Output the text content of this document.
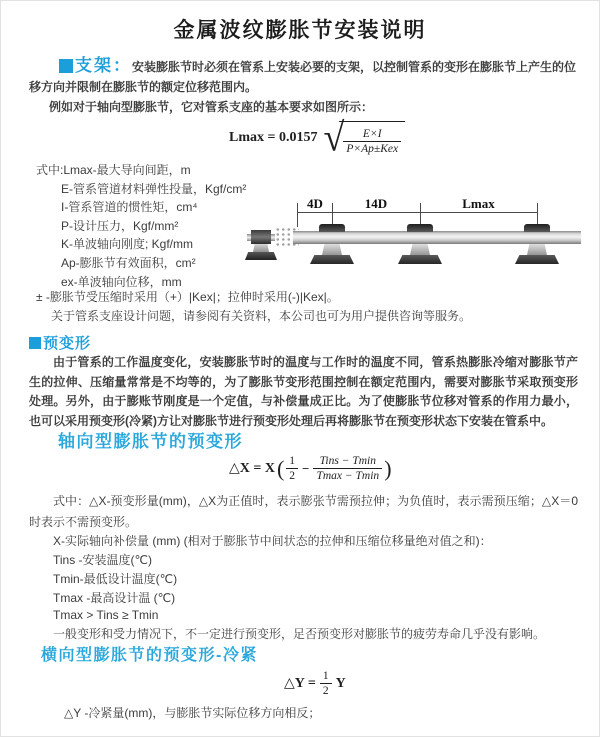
金属波纹膨胀节安装说明
支架：安装膨胀节时必须在管系上安装必要的支架，以控制管系的变形在膨胀节上产生的位移方向并限制在膨胀节的额定位移范围内。
例如对于轴向型膨胀节，它对管系支座的基本要求如图所示：
Lmax = 0.0157 √	E×I
P×Ap±Kex
式中:Lmax-最大导向间距，m
E-管系管道材料弹性投量，Kgf/cm²
I-管系管道的惯性矩，cm⁴
P-设计压力，Kgf/mm²
K-单波轴向刚度; Kgf/mm
Ap-膨胀节有效面积，cm²
ex-单波轴向位移，mm
± -膨胀节受压缩时采用（+）|Kex|；拉伸时采用(-)|Kex|。
关于管系支座设计问题，请参阅有关资料，本公司也可为用户提供咨询等服务。
4D	14D	Lmax
预变形
由于管系的工作温度变化，安装膨胀节时的温度与工作时的温度不同，管系热膨胀冷缩对膨胀节产生的拉伸、压缩量常常是不均等的，为了膨胀节变形范围控制在额定范围内，需要对膨胀节采取预变形处理。另外，由于膨账节刚度是一个定值，与补偿量成正比。为了使膨胀节位移对管系的作用力最小，也可以采用预变形(冷紧)方让对膨胀节进行预变形处理后再将膨胀节在预变形状态下安装在管系中。
轴向型膨胀节的预变形
△X = X ( $\frac{1}{2}$ − Tins − Tmin
Tmax − Tmin )
式中：△X-预变形量(mm)，△X为正值时，表示膨张节需预拉伸；为负值时，表示需预压缩；△X＝0时表示不需预变形。
X-实际轴向补偿量 (mm) (相对于膨胀节中间状态的拉伸和压缩位移量绝对值之和)：
Tins -安装温度(℃)
Tmin-最低设计温度(℃)
Tmax -最高设计温 (℃)
Tmax > Tins ≥ Tmin
一般变形和受力情况下，不一定进行预变形，足否预变形对膨胀节的疲劳寿命几乎没有影响。
横向型膨胀节的预变形-冷紧
△Y = $\frac{1}{2}$ Y
△Y -冷紧量(mm)，与膨胀节实际位移方向相反；
